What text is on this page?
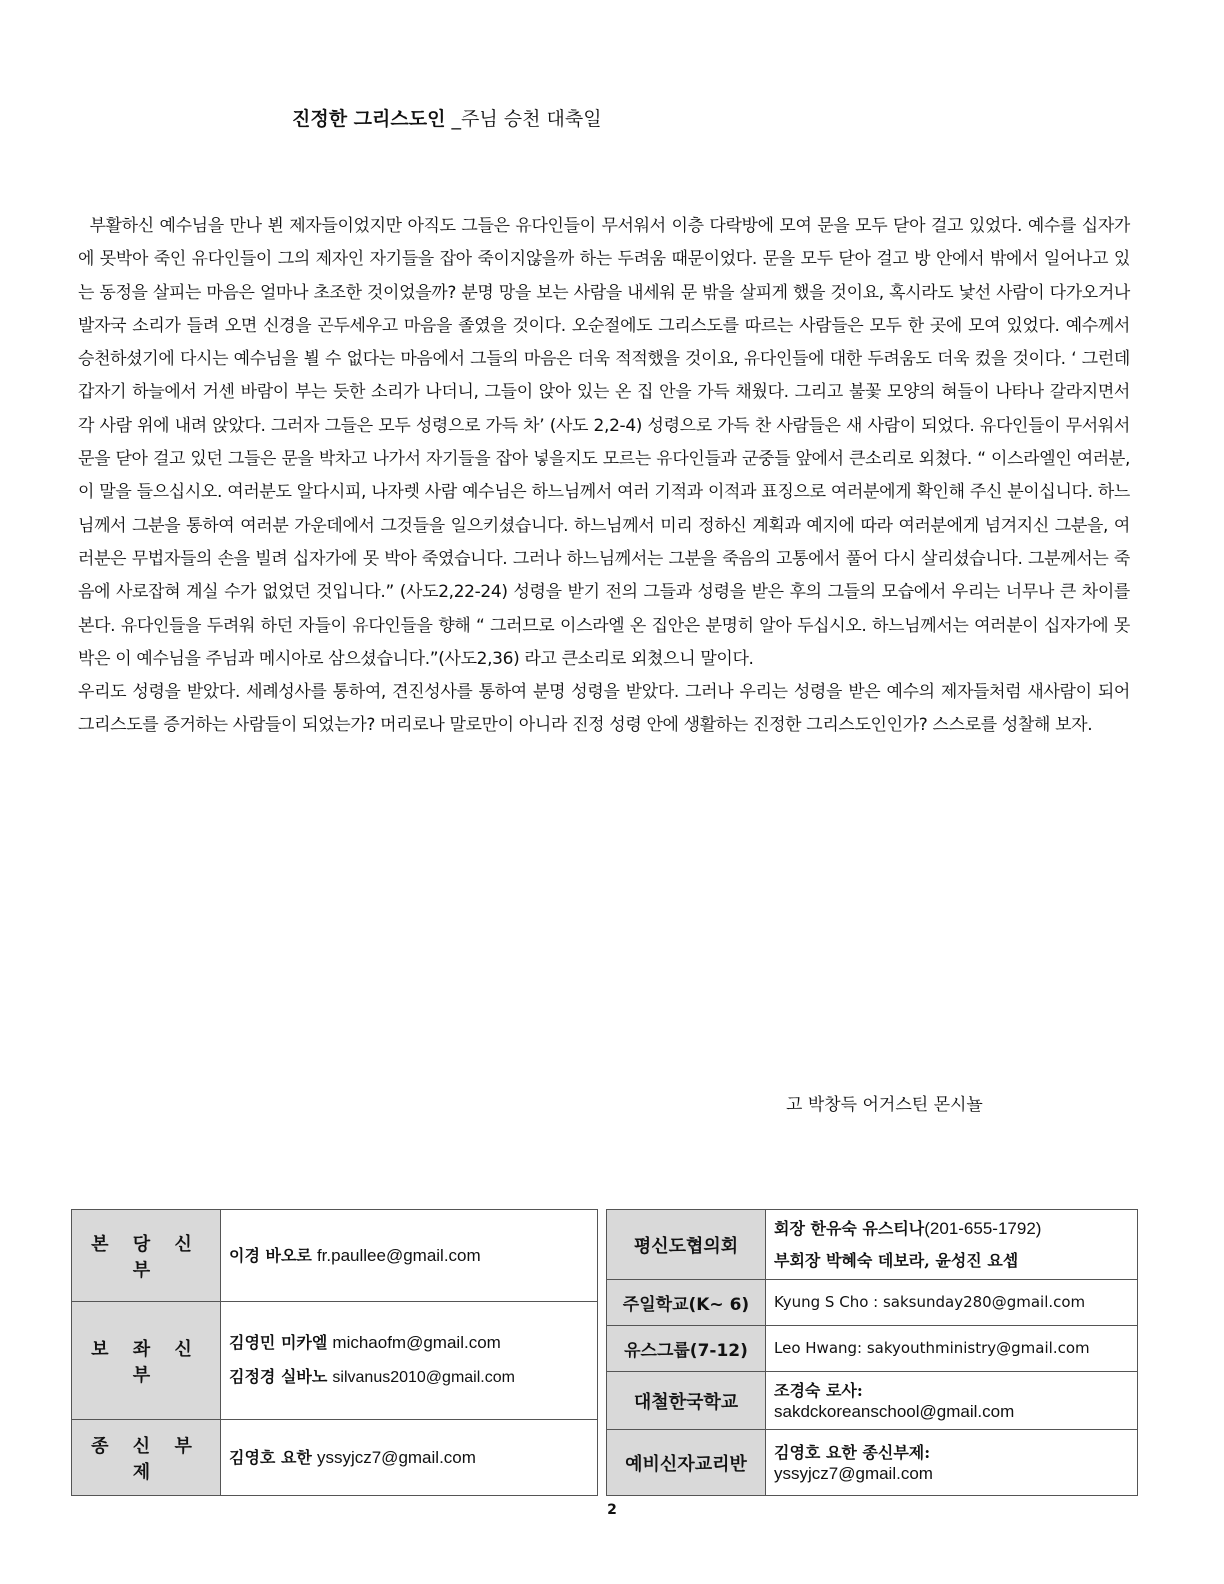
진정한 그리스도인 _주님 승천 대축일

부활하신 예수님을 만나 뵌 제자들이었지만 아직도 그들은 유다인들이 무서워서 이층 다락방에 모여 문을 모두 닫아 걸고 있었다. 예수를 십자가에 못박아 죽인 유다인들이 그의 제자인 자기들을 잡아 죽이지않을까 하는 두려움 때문이었다. 문을 모두 닫아 걸고 방 안에서 밖에서 일어나고 있는 동정을 살피는 마음은 얼마나 초조한 것이었을까? 분명 망을 보는 사람을 내세워 문 밖을 살피게 했을 것이요, 혹시라도 낯선 사람이 다가오거나 발자국 소리가 들려 오면 신경을 곤두세우고 마음을 졸였을 것이다. 오순절에도 그리스도를 따르는 사람들은 모두 한 곳에 모여 있었다. 예수께서 승천하셨기에 다시는 예수님을 뵐 수 없다는 마음에서 그들의 마음은 더욱 적적했을 것이요, 유다인들에 대한 두려움도 더욱 컸을 것이다. ‘ 그런데 갑자기 하늘에서 거센 바람이 부는 듯한 소리가 나더니, 그들이 앉아 있는 온 집 안을 가득 채웠다. 그리고 불꽃 모양의 혀들이 나타나 갈라지면서 각 사람 위에 내려 앉았다. 그러자 그들은 모두 성령으로 가득 차’ (사도 2,2-4) 성령으로 가득 찬 사람들은 새 사람이 되었다. 유다인들이 무서워서 문을 닫아 걸고 있던 그들은 문을 박차고 나가서 자기들을 잡아 넣을지도 모르는 유다인들과 군중들 앞에서 큰소리로 외쳤다. “ 이스라엘인 여러분, 이 말을 들으십시오. 여러분도 알다시피, 나자렛 사람 예수님은 하느님께서 여러 기적과 이적과 표징으로 여러분에게 확인해 주신 분이십니다. 하느님께서 그분을 통하여 여러분 가운데에서 그것들을 일으키셨습니다. 하느님께서 미리 정하신 계획과 예지에 따라 여러분에게 넘겨지신 그분을, 여러분은 무법자들의 손을 빌려 십자가에 못 박아 죽였습니다. 그러나 하느님께서는 그분을 죽음의 고통에서 풀어 다시 살리셨습니다. 그분께서는 죽음에 사로잡혀 계실 수가 없었던 것입니다.” (사도2,22-24) 성령을 받기 전의 그들과 성령을 받은 후의 그들의 모습에서 우리는 너무나 큰 차이를 본다. 유다인들을 두려워 하던 자들이 유다인들을 향해 “ 그러므로 이스라엘 온 집안은 분명히 알아 두십시오. 하느님께서는 여러분이 십자가에 못 박은 이 예수님을 주님과 메시아로 삼으셨습니다.”(사도2,36) 라고 큰소리로 외쳤으니 말이다.

우리도 성령을 받았다. 세례성사를 통하여, 견진성사를 통하여 분명 성령을 받았다. 그러나 우리는 성령을 받은 예수의 제자들처럼 새사람이 되어 그리스도를 증거하는 사람들이 되었는가? 머리로나 말로만이 아니라 진정 성령 안에 생활하는 진정한 그리스도인인가? 스스로를 성찰해 보자.

고 박창득 어거스틴 몬시뇰
본 당 신 부	이경 바오로 fr.paullee@gmail.com
보 좌 신 부	김영민 미카엘 michaofm@gmail.com
김정경 실바노 silvanus2010@gmail.com

종 신 부 제	김영호 요한 yssyjcz7@gmail.com
평신도협의회	회장 한유숙 유스티나(201-655-1792)
부회장 박혜숙 데보라, 윤성진 요셉

주일학교(K~ 6)	Kyung S Cho : saksunday280@gmail.com
유스그룹(7-12)	Leo Hwang: sakyouthministry@gmail.com
대철한국학교	조경숙 로사:
sakdckoreanschool@gmail.com

예비신자교리반	김영호 요한 종신부제:
yssyjcz7@gmail.com
2
